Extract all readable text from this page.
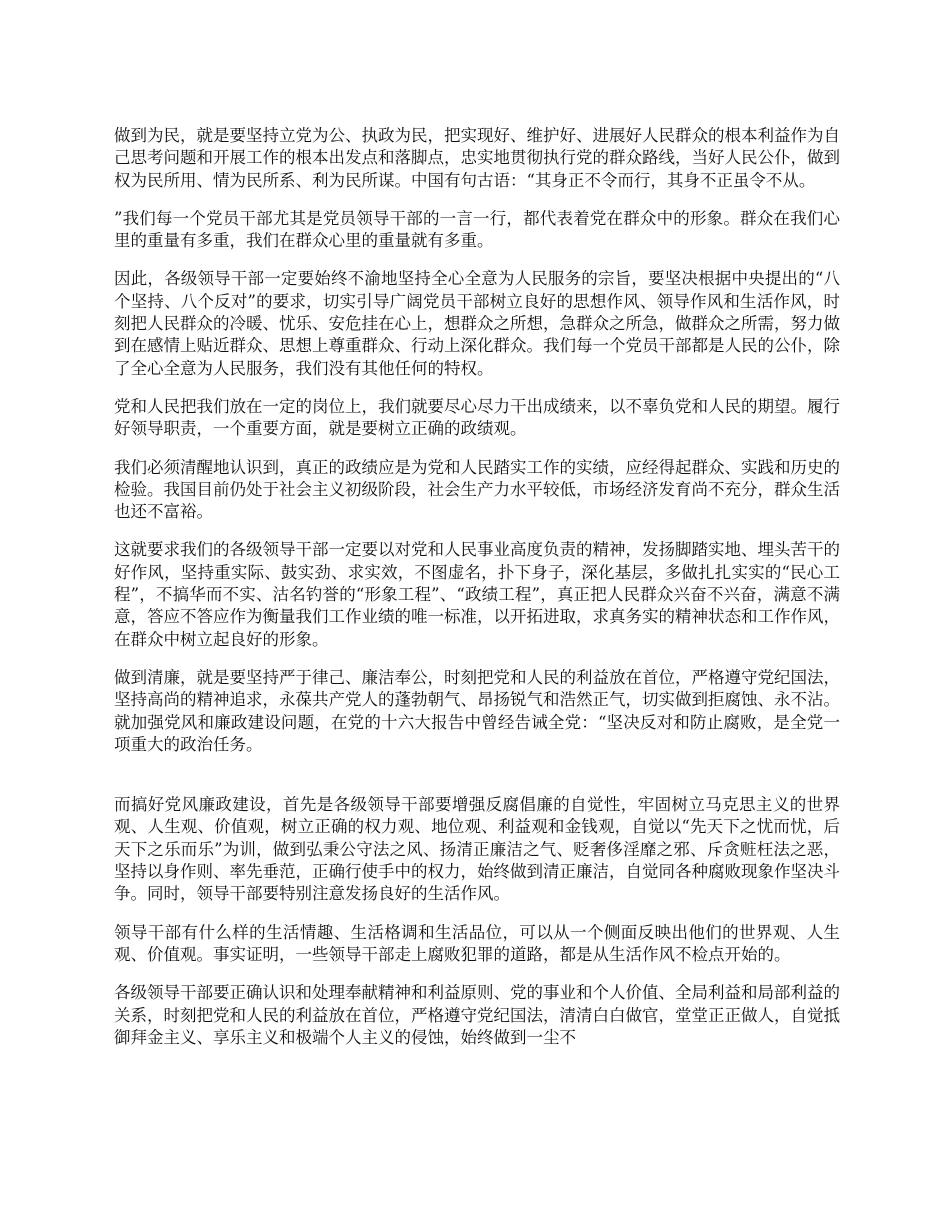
做到为民，就是要坚持立党为公、执政为民，把实现好、维护好、进展好人民群众的根本利益作为自己思考问题和开展工作的根本出发点和落脚点，忠实地贯彻执行党的群众路线，当好人民公仆，做到权为民所用、情为民所系、利为民所谋。中国有句古语：“其身正不令而行，其身不正虽令不从。

”我们每一个党员干部尤其是党员领导干部的一言一行，都代表着党在群众中的形象。群众在我们心里的重量有多重，我们在群众心里的重量就有多重。

因此，各级领导干部一定要始终不渝地坚持全心全意为人民服务的宗旨，要坚决根据中央提出的“八个坚持、八个反对”的要求，切实引导广阔党员干部树立良好的思想作风、领导作风和生活作风，时刻把人民群众的冷暖、忧乐、安危挂在心上，想群众之所想，急群众之所急，做群众之所需，努力做到在感情上贴近群众、思想上尊重群众、行动上深化群众。我们每一个党员干部都是人民的公仆，除了全心全意为人民服务，我们没有其他任何的特权。

党和人民把我们放在一定的岗位上，我们就要尽心尽力干出成绩来，以不辜负党和人民的期望。履行好领导职责，一个重要方面，就是要树立正确的政绩观。

我们必须清醒地认识到，真正的政绩应是为党和人民踏实工作的实绩，应经得起群众、实践和历史的检验。我国目前仍处于社会主义初级阶段，社会生产力水平较低，市场经济发育尚不充分，群众生活也还不富裕。

这就要求我们的各级领导干部一定要以对党和人民事业高度负责的精神，发扬脚踏实地、埋头苦干的好作风，坚持重实际、鼓实劲、求实效，不图虚名，扑下身子，深化基层，多做扎扎实实的“民心工程”，不搞华而不实、沽名钓誉的“形象工程”、“政绩工程”，真正把人民群众兴奋不兴奋，满意不满意，答应不答应作为衡量我们工作业绩的唯一标准，以开拓进取，求真务实的精神状态和工作作风，在群众中树立起良好的形象。

做到清廉，就是要坚持严于律己、廉洁奉公，时刻把党和人民的利益放在首位，严格遵守党纪国法，坚持高尚的精神追求，永葆共产党人的蓬勃朝气、昂扬锐气和浩然正气，切实做到拒腐蚀、永不沾。就加强党风和廉政建设问题，在党的十六大报告中曾经告诫全党：“坚决反对和防止腐败，是全党一项重大的政治任务。

而搞好党风廉政建设，首先是各级领导干部要增强反腐倡廉的自觉性，牢固树立马克思主义的世界观、人生观、价值观，树立正确的权力观、地位观、利益观和金钱观，自觉以“先天下之忧而忧，后天下之乐而乐”为训，做到弘秉公守法之风、扬清正廉洁之气、贬奢侈淫靡之邪、斥贪赃枉法之恶，坚持以身作则、率先垂范，正确行使手中的权力，始终做到清正廉洁，自觉同各种腐败现象作坚决斗争。同时，领导干部要特别注意发扬良好的生活作风。

领导干部有什么样的生活情趣、生活格调和生活品位，可以从一个侧面反映出他们的世界观、人生观、价值观。事实证明，一些领导干部走上腐败犯罪的道路，都是从生活作风不检点开始的。

各级领导干部要正确认识和处理奉献精神和利益原则、党的事业和个人价值、全局利益和局部利益的关系，时刻把党和人民的利益放在首位，严格遵守党纪国法，清清白白做官，堂堂正正做人，自觉抵御拜金主义、享乐主义和极端个人主义的侵蚀，始终做到一尘不
